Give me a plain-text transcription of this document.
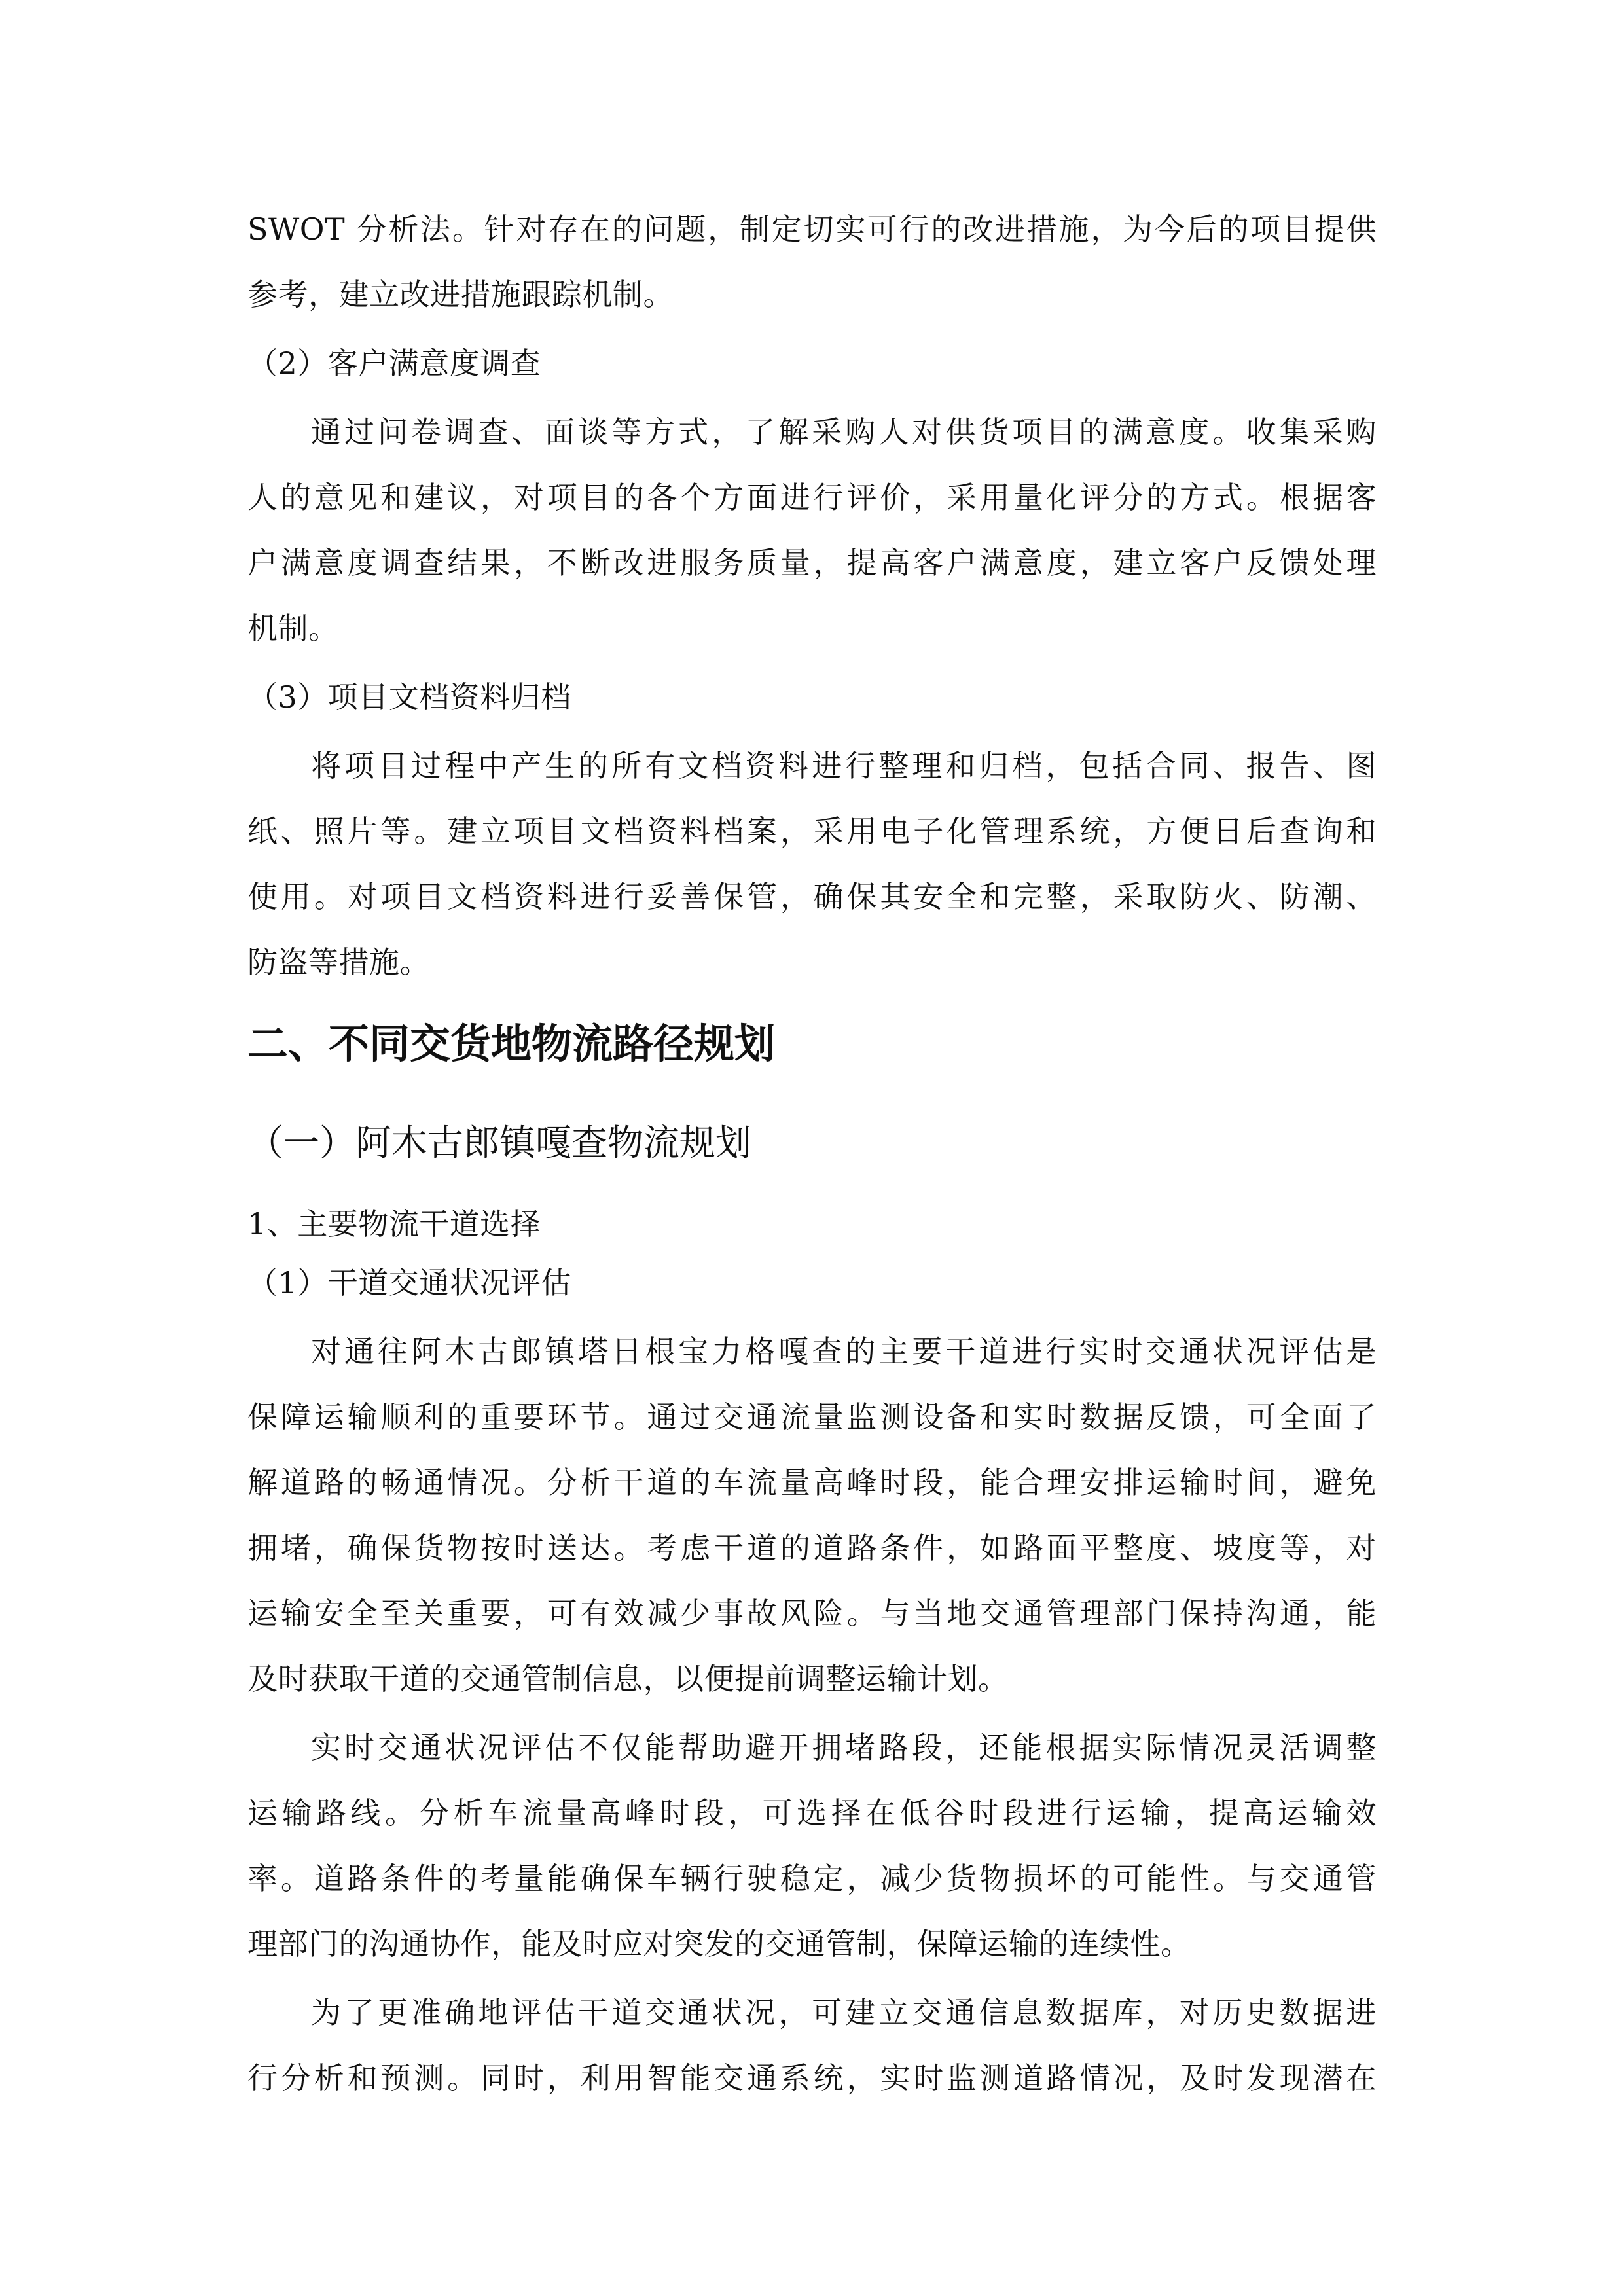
SWOT 分析法。针对存在的问题，制定切实可行的改进措施，为今后的项目提供
参考，建立改进措施跟踪机制。
（2）客户满意度调查
通过问卷调查、面谈等方式，了解采购人对供货项目的满意度。收集采购
人的意见和建议，对项目的各个方面进行评价，采用量化评分的方式。根据客
户满意度调查结果，不断改进服务质量，提高客户满意度，建立客户反馈处理
机制。
（3）项目文档资料归档
将项目过程中产生的所有文档资料进行整理和归档，包括合同、报告、图
纸、照片等。建立项目文档资料档案，采用电子化管理系统，方便日后查询和
使用。对项目文档资料进行妥善保管，确保其安全和完整，采取防火、防潮、
防盗等措施。
二、不同交货地物流路径规划
（一）阿木古郎镇嘎查物流规划
1、主要物流干道选择
（1）干道交通状况评估
对通往阿木古郎镇塔日根宝力格嘎查的主要干道进行实时交通状况评估是
保障运输顺利的重要环节。通过交通流量监测设备和实时数据反馈，可全面了
解道路的畅通情况。分析干道的车流量高峰时段，能合理安排运输时间，避免
拥堵，确保货物按时送达。考虑干道的道路条件，如路面平整度、坡度等，对
运输安全至关重要，可有效减少事故风险。与当地交通管理部门保持沟通，能
及时获取干道的交通管制信息，以便提前调整运输计划。
实时交通状况评估不仅能帮助避开拥堵路段，还能根据实际情况灵活调整
运输路线。分析车流量高峰时段，可选择在低谷时段进行运输，提高运输效
率。道路条件的考量能确保车辆行驶稳定，减少货物损坏的可能性。与交通管
理部门的沟通协作，能及时应对突发的交通管制，保障运输的连续性。
为了更准确地评估干道交通状况，可建立交通信息数据库，对历史数据进
行分析和预测。同时，利用智能交通系统，实时监测道路情况，及时发现潜在
